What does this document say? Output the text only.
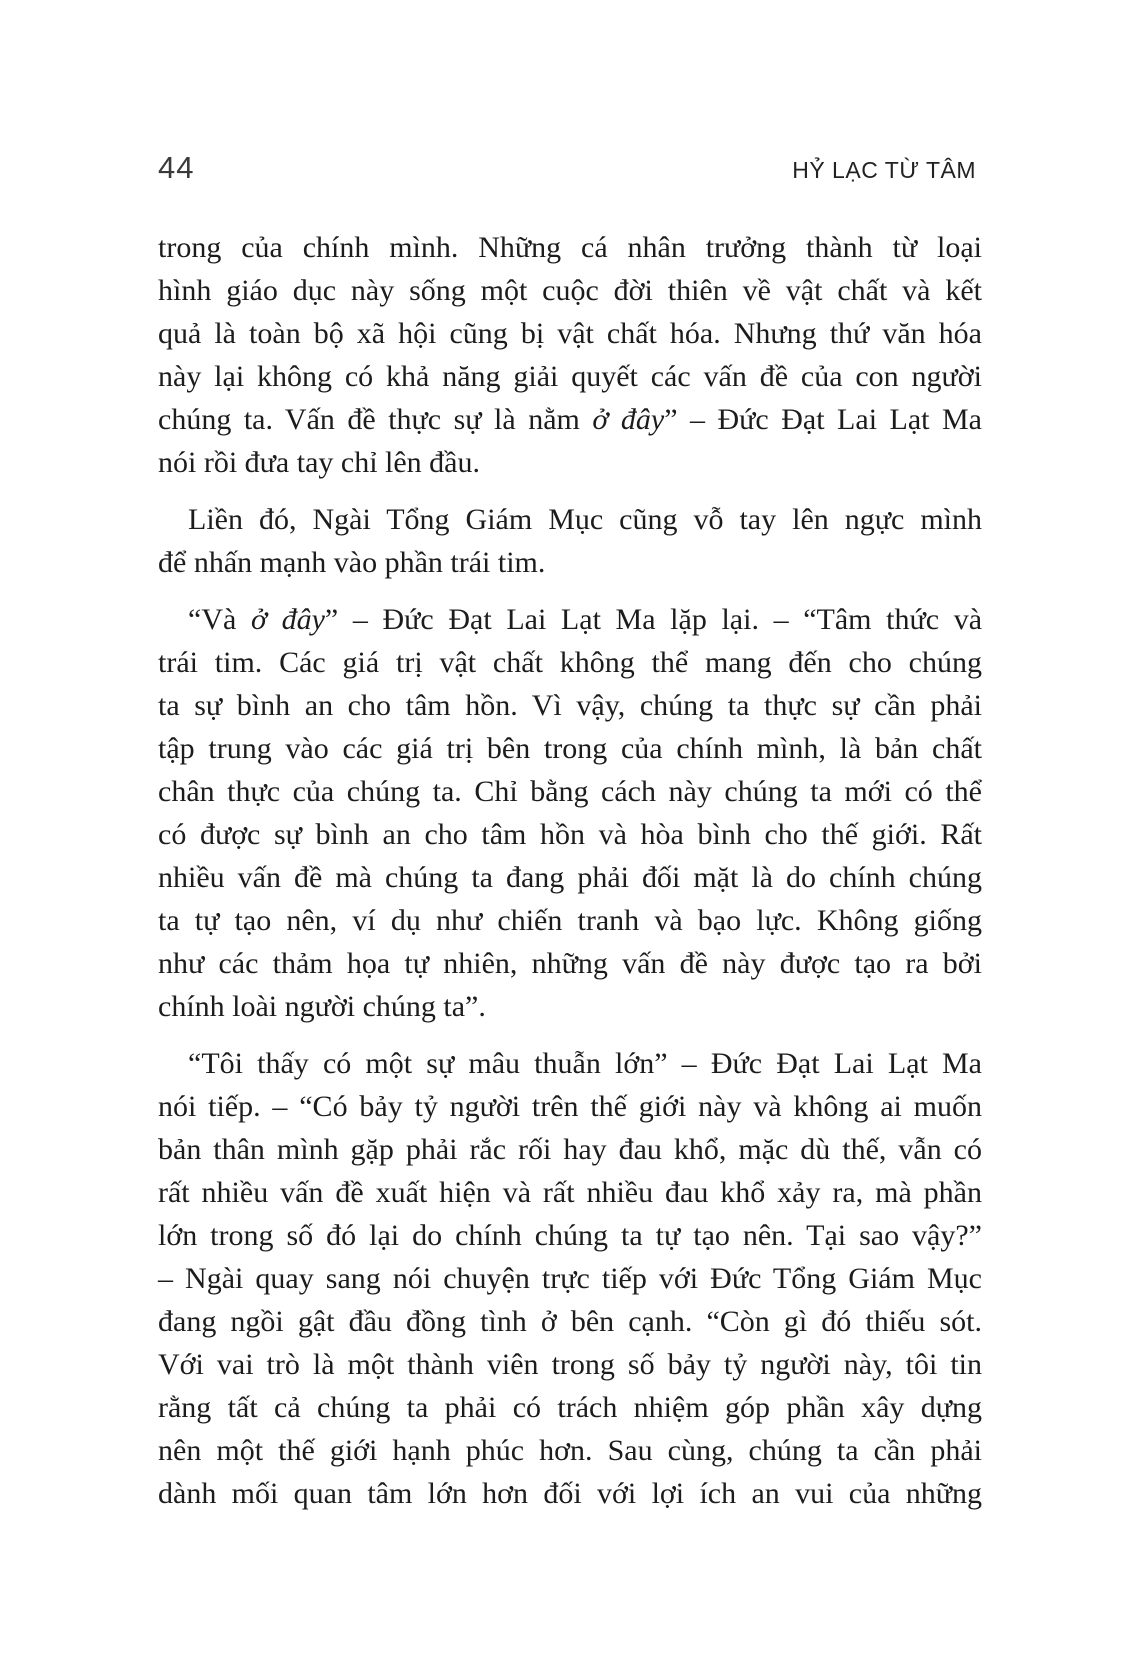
44	HỶ LẠC TỪ TÂM
trong của chính mình. Những cá nhân trưởng thành từ loại
hình giáo dục này sống một cuộc đời thiên về vật chất và kết
quả là toàn bộ xã hội cũng bị vật chất hóa. Nhưng thứ văn hóa
này lại không có khả năng giải quyết các vấn đề của con người
chúng ta. Vấn đề thực sự là nằm ở đây” – Đức Đạt Lai Lạt Ma
nói rồi đưa tay chỉ lên đầu.
Liền đó, Ngài Tổng Giám Mục cũng vỗ tay lên ngực mình
để nhấn mạnh vào phần trái tim.
“Và ở đây” – Đức Đạt Lai Lạt Ma lặp lại. – “Tâm thức và
trái tim. Các giá trị vật chất không thể mang đến cho chúng
ta sự bình an cho tâm hồn. Vì vậy, chúng ta thực sự cần phải
tập trung vào các giá trị bên trong của chính mình, là bản chất
chân thực của chúng ta. Chỉ bằng cách này chúng ta mới có thể
có được sự bình an cho tâm hồn và hòa bình cho thế giới. Rất
nhiều vấn đề mà chúng ta đang phải đối mặt là do chính chúng
ta tự tạo nên, ví dụ như chiến tranh và bạo lực. Không giống
như các thảm họa tự nhiên, những vấn đề này được tạo ra bởi
chính loài người chúng ta”.
“Tôi thấy có một sự mâu thuẫn lớn” – Đức Đạt Lai Lạt Ma
nói tiếp. – “Có bảy tỷ người trên thế giới này và không ai muốn
bản thân mình gặp phải rắc rối hay đau khổ, mặc dù thế, vẫn có
rất nhiều vấn đề xuất hiện và rất nhiều đau khổ xảy ra, mà phần
lớn trong số đó lại do chính chúng ta tự tạo nên. Tại sao vậy?”
– Ngài quay sang nói chuyện trực tiếp với Đức Tổng Giám Mục
đang ngồi gật đầu đồng tình ở bên cạnh. “Còn gì đó thiếu sót.
Với vai trò là một thành viên trong số bảy tỷ người này, tôi tin
rằng tất cả chúng ta phải có trách nhiệm góp phần xây dựng
nên một thế giới hạnh phúc hơn. Sau cùng, chúng ta cần phải
dành mối quan tâm lớn hơn đối với lợi ích an vui của những
